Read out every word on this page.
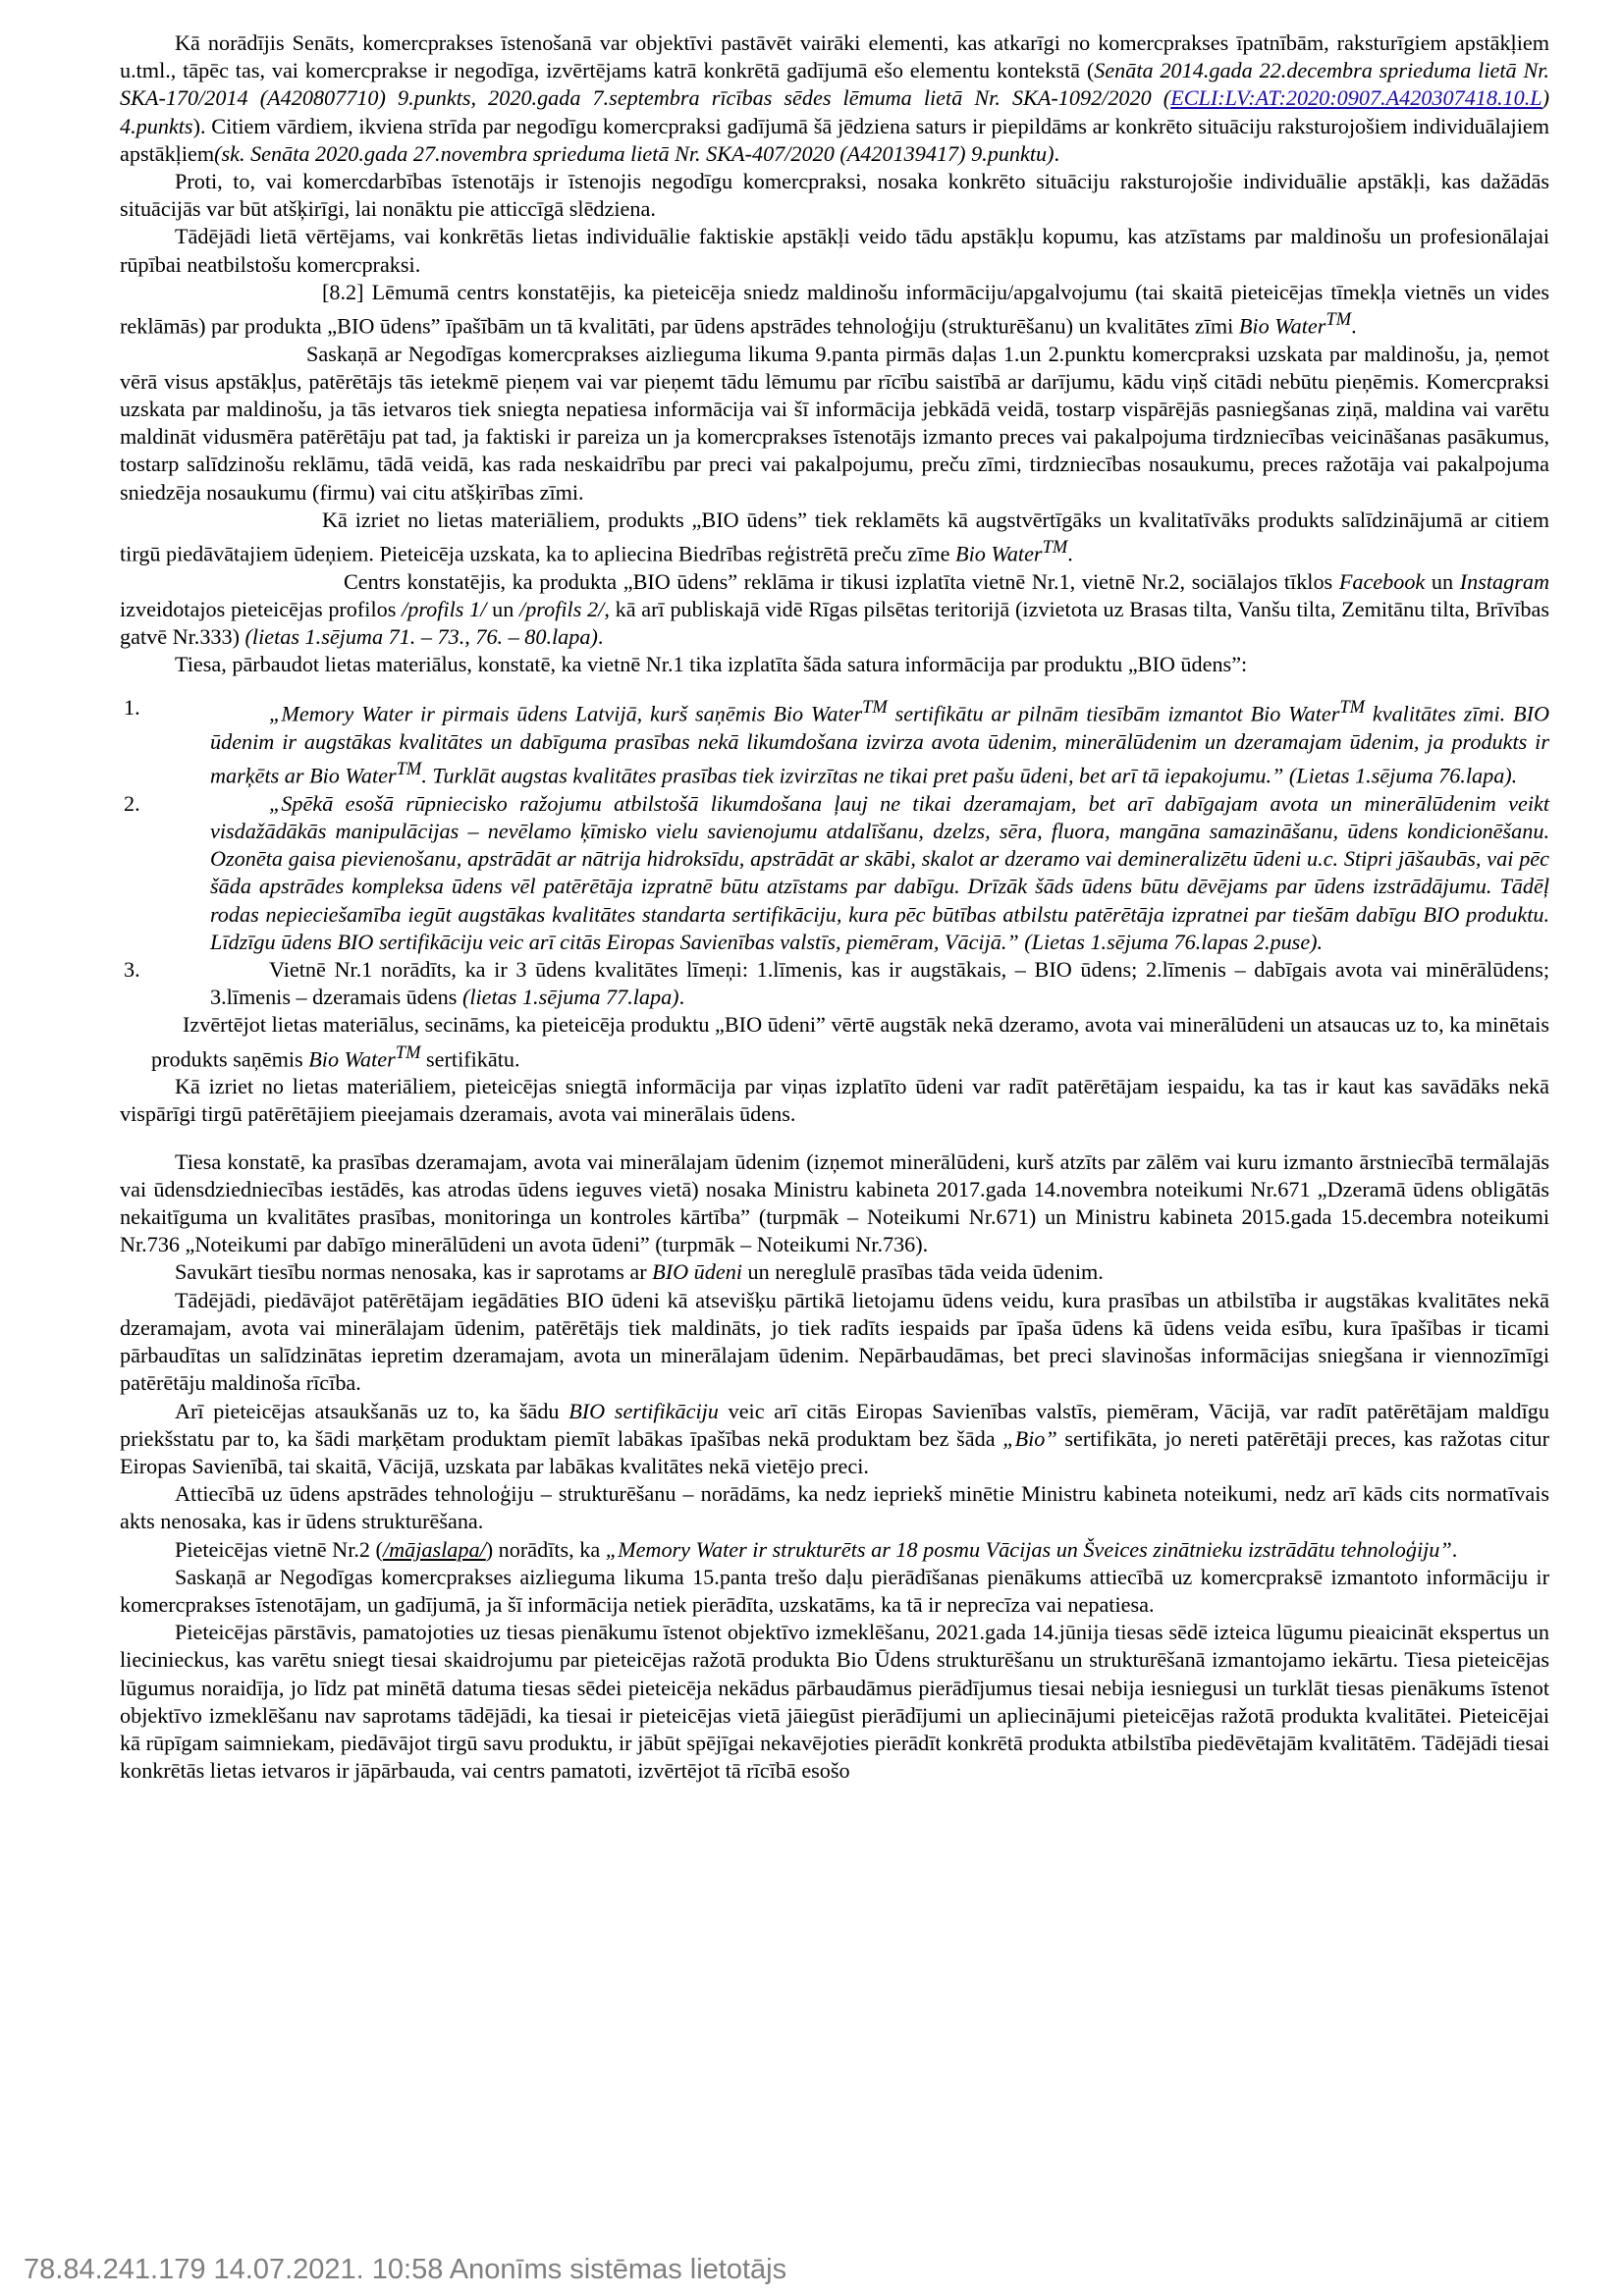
Kā norādījis Senāts, komercprakses īstenošanā var objektīvi pastāvēt vairāki elementi, kas atkarīgi no komercprakses īpatnībām, raksturīgiem apstākļiem u.tml., tāpēc tas, vai komercprakse ir negodīga, izvērtējams katrā konkrētā gadījumā ešo elementu kontekstā (Senāta 2014.gada 22.decembra sprieduma lietā Nr. SKA-170/2014 (A420807710) 9.punkts, 2020.gada 7.septembra rīcības sēdes lēmuma lietā Nr. SKA-1092/2020 (ECLI:LV:AT:2020:0907.A420307418.10.L) 4.punkts). Citiem vārdiem, ikviena strīda par negodīgu komercpraksi gadījumā šā jēdziena saturs ir piepildāms ar konkrēto situāciju raksturojošiem individuālajiem apstākļiem(sk. Senāta 2020.gada 27.novembra sprieduma lietā Nr. SKA-407/2020 (A420139417) 9.punktu).

Proti, to, vai komercdarbības īstenotājs ir īstenojis negodīgu komercpraksi, nosaka konkrēto situāciju raksturojošie individuālie apstākļi, kas dažādās situācijās var būt atšķirīgi, lai nonāktu pie atticcīgā slēdziena.

Tādējādi lietā vērtējams, vai konkrētās lietas individuālie faktiskie apstākļi veido tādu apstākļu kopumu, kas atzīstams par maldinošu un profesionālajai rūpībai neatbilstošu komercpraksi.

[8.2] Lēmumā centrs konstatējis, ka pieteicēja sniedz maldinošu informāciju/apgalvojumu (tai skaitā pieteicējas tīmekļa vietnēs un vides reklāmās) par produkta „BIO ūdens” īpašībām un tā kvalitāti, par ūdens apstrādes tehnoloģiju (strukturēšanu) un kvalitātes zīmi Bio Water™.

Saskaņā ar Negodīgas komercprakses aizlieguma likuma 9.panta pirmās daļas 1.un 2.punktu komercpraksi uzskata par maldinošu, ja, ņemot vērā visus apstākļus, patērētājs tās ietekmē pieņem vai var pieņemt tādu lēmumu par rīcību saistībā ar darījumu, kādu viņš citādi nebūtu pieņēmis. Komercpraksi uzskata par maldinošu, ja tās ietvaros tiek sniegta nepatiesa informācija vai šī informācija jebkādā veidā, tostarp vispārējās pasniegšanas ziņā, maldina vai varētu maldināt vidusmēra patērētāju pat tad, ja faktiski ir pareiza un ja komercprakses īstenotājs izmanto preces vai pakalpojuma tirdzniecības veicināšanas pasākumus, tostarp salīdzinošu reklāmu, tādā veidā, kas rada neskaidrību par preci vai pakalpojumu, preču zīmi, tirdzniecības nosaukumu, preces ražotāja vai pakalpojuma sniedzēja nosaukumu (firmu) vai citu atšķirības zīmi.

Kā izriet no lietas materiāliem, produkts „BIO ūdens” tiek reklamēts kā augstvērtīgāks un kvalitatīvāks produkts salīdzinājumā ar citiem tirgū piedāvātajiem ūdeņiem. Pieteicēja uzskata, ka to apliecina Biedrības reģistrētā preču zīme Bio Water™.

Centrs konstatējis, ka produkta „BIO ūdens” reklāma ir tikusi izplatīta vietnē Nr.1, vietnē Nr.2, sociālajos tīklos Facebook un Instagram izveidotajos pieteicējas profilos /profils 1/ un /profils 2/, kā arī publiskajā vidē Rīgas pilsētas teritorijā (izvietota uz Brasas tilta, Vanšu tilta, Zemitānu tilta, Brīvības gatvē Nr.333) (lietas 1.sējuma 71. – 73., 76. – 80.lapa).

Tiesa, pārbaudot lietas materiālus, konstatē, ka vietnē Nr.1 tika izplatīta šāda satura informācija par produktu „BIO ūdens”:

1.	„Memory Water ir pirmais ūdens Latvijā, kurš saņēmis Bio Water™ sertifikātu ar pilnām tiesībām izmantot Bio Water™ kvalitātes zīmi. BIO ūdenim ir augstākas kvalitātes un dabīguma prasības nekā likumdošana izvirza avota ūdenim, minerālūdenim un dzeramajam ūdenim, ja produkts ir marķēts ar Bio Water™. Turklāt augstas kvalitātes prasības tiek izvirzītas ne tikai pret pašu ūdeni, bet arī tā iepakojumu.” (Lietas 1.sējuma 76.lapa).
2.	„Spēkā esošā rūpniecisko ražojumu atbilstošā likumdošana ļauj ne tikai dzeramajam, bet arī dabīgajam avota un minerālūdenim veikt visdažādākās manipulācijas – nevēlamo ķīmisko vielu savienojumu atdalīšanu, dzelzs, sēra, fluora, mangāna samazināšanu, ūdens kondicionēšanu. Ozonēta gaisa pievienošanu, apstrādāt ar nātrija hidroksīdu, apstrādāt ar skābi, skalot ar dzeramo vai demineralizētu ūdeni u.c. Stipri jāšaubās, vai pēc šāda apstrādes kompleksa ūdens vēl patērētāja izpratnē būtu atzīstams par dabīgu. Drīzāk šāds ūdens būtu dēvējams par ūdens izstrādājumu. Tādēļ rodas nepieciešamība iegūt augstākas kvalitātes standarta sertifikāciju, kura pēc būtības atbilstu patērētāja izpratnei par tiešām dabīgu BIO produktu. Līdzīgu ūdens BIO sertifikāciju veic arī citās Eiropas Savienības valstīs, piemēram, Vācijā.” (Lietas 1.sējuma 76.lapas 2.puse).
3.	Vietnē Nr.1 norādīts, ka ir 3 ūdens kvalitātes līmeņi: 1.līmenis, kas ir augstākais, – BIO ūdens; 2.līmenis – dabīgais avota vai minērālūdens; 3.līmenis – dzeramais ūdens (lietas 1.sējuma 77.lapa).

Izvērtējot lietas materiālus, secināms, ka pieteicēja produktu „BIO ūdeni” vērtē augstāk nekā dzeramo, avota vai minerālūdeni un atsaucas uz to, ka minētais produkts saņēmis Bio Water™ sertifikātu.

Kā izriet no lietas materiāliem, pieteicējas sniegtā informācija par viņas izplatīto ūdeni var radīt patērētājam iespaidu, ka tas ir kaut kas savādāks nekā vispārīgi tirgū patērētājiem pieejamais dzeramais, avota vai minerālais ūdens.

Tiesa konstatē, ka prasības dzeramajam, avota vai minerālajam ūdenim (izņemot minerālūdeni, kurš atzīts par zālēm vai kuru izmanto ārstniecībā termālajās vai ūdensdziedniecības iestādēs, kas atrodas ūdens ieguves vietā) nosaka Ministru kabineta 2017.gada 14.novembra noteikumi Nr.671 „Dzeramā ūdens obligātās nekaitīguma un kvalitātes prasības, monitoringa un kontroles kārtība” (turpmāk – Noteikumi Nr.671) un Ministru kabineta 2015.gada 15.decembra noteikumi Nr.736 „Noteikumi par dabīgo minerālūdeni un avota ūdeni” (turpmāk – Noteikumi Nr.736).

Savukārt tiesību normas nenosaka, kas ir saprotams ar BIO ūdeni un nereglulē prasības tāda veida ūdenim.

Tādējādi, piedāvājot patērētājam iegādāties BIO ūdeni kā atsevišķu pārtikā lietojamu ūdens veidu, kura prasības un atbilstība ir augstākas kvalitātes nekā dzeramajam, avota vai minerālajam ūdenim, patērētājs tiek maldināts, jo tiek radīts iespaids par īpaša ūdens kā ūdens veida esību, kura īpašības ir ticami pārbaudītas un salīdzinātas iepretim dzeramajam, avota un minerālajam ūdenim. Nepārbaudāmas, bet preci slavinošas informācijas sniegšana ir viennozīmīgi patērētāju maldinoša rīcība.

Arī pieteicējas atsaukšanās uz to, ka šādu BIO sertifikāciju veic arī citās Eiropas Savienības valstīs, piemēram, Vācijā, var radīt patērētājam maldīgu priekšstatu par to, ka šādi marķētam produktam piemīt labākas īpašības nekā produktam bez šāda „Bio” sertifikāta, jo nereti patērētāji preces, kas ražotas citur Eiropas Savienībā, tai skaitā, Vācijā, uzskata par labākas kvalitātes nekā vietējo preci.

Attiecībā uz ūdens apstrādes tehnoloģiju – strukturēšanu – norādāms, ka nedz iepriekš minētie Ministru kabineta noteikumi, nedz arī kāds cits normatīvais akts nenosaka, kas ir ūdens strukturēšana.

Pieteicējas vietnē Nr.2 (/mājaslapa/) norādīts, ka „Memory Water ir strukturēts ar 18 posmu Vācijas un Šveices zinātnieku izstrādātu tehnoloģiju”.

Saskaņā ar Negodīgas komercprakses aizlieguma likuma 15.panta trešo daļu pierādīšanas pienākums attiecībā uz komercpraksē izmantoto informāciju ir komercprakses īstenotājam, un gadījumā, ja šī informācija netiek pierādīta, uzskatāms, ka tā ir neprecīza vai nepatiesa.

Pieteicējas pārstāvis, pamatojoties uz tiesas pienākumu īstenot objektīvo izmeklēšanu, 2021.gada 14.jūnija tiesas sēdē izteica lūgumu pieaicināt ekspertus un liecinieckus, kas varētu sniegt tiesai skaidrojumu par pieteicējas ražotā produkta Bio Ūdens strukturēšanu un strukturēšanā izmantojamo iekārtu. Tiesa pieteicējas lūgumus noraidīja, jo līdz pat minētā datuma tiesas sēdei pieteicēja nekādus pārbaudāmus pierādījumus tiesai nebija iesniegusi un turklāt tiesas pienākums īstenot objektīvo izmeklēšanu nav saprotams tādējādi, ka tiesai ir pieteicējas vietā jāiegūst pierādījumi un apliecinājumi pieteicējas ražotā produkta kvalitātei. Pieteicējai kā rūpīgam saimniekam, piedāvājot tirgū savu produktu, ir jābūt spējīgai nekavējoties pierādīt konkrētā produkta atbilstība piedēvētajām kvalitātēm. Tādējādi tiesai konkrētās lietas ietvaros ir jāpārbauda, vai centrs pamatoti, izvērtējot tā rīcībā esošo

78.84.241.179 14.07.2021. 10:58 Anonīms sistēmas lietotājs
